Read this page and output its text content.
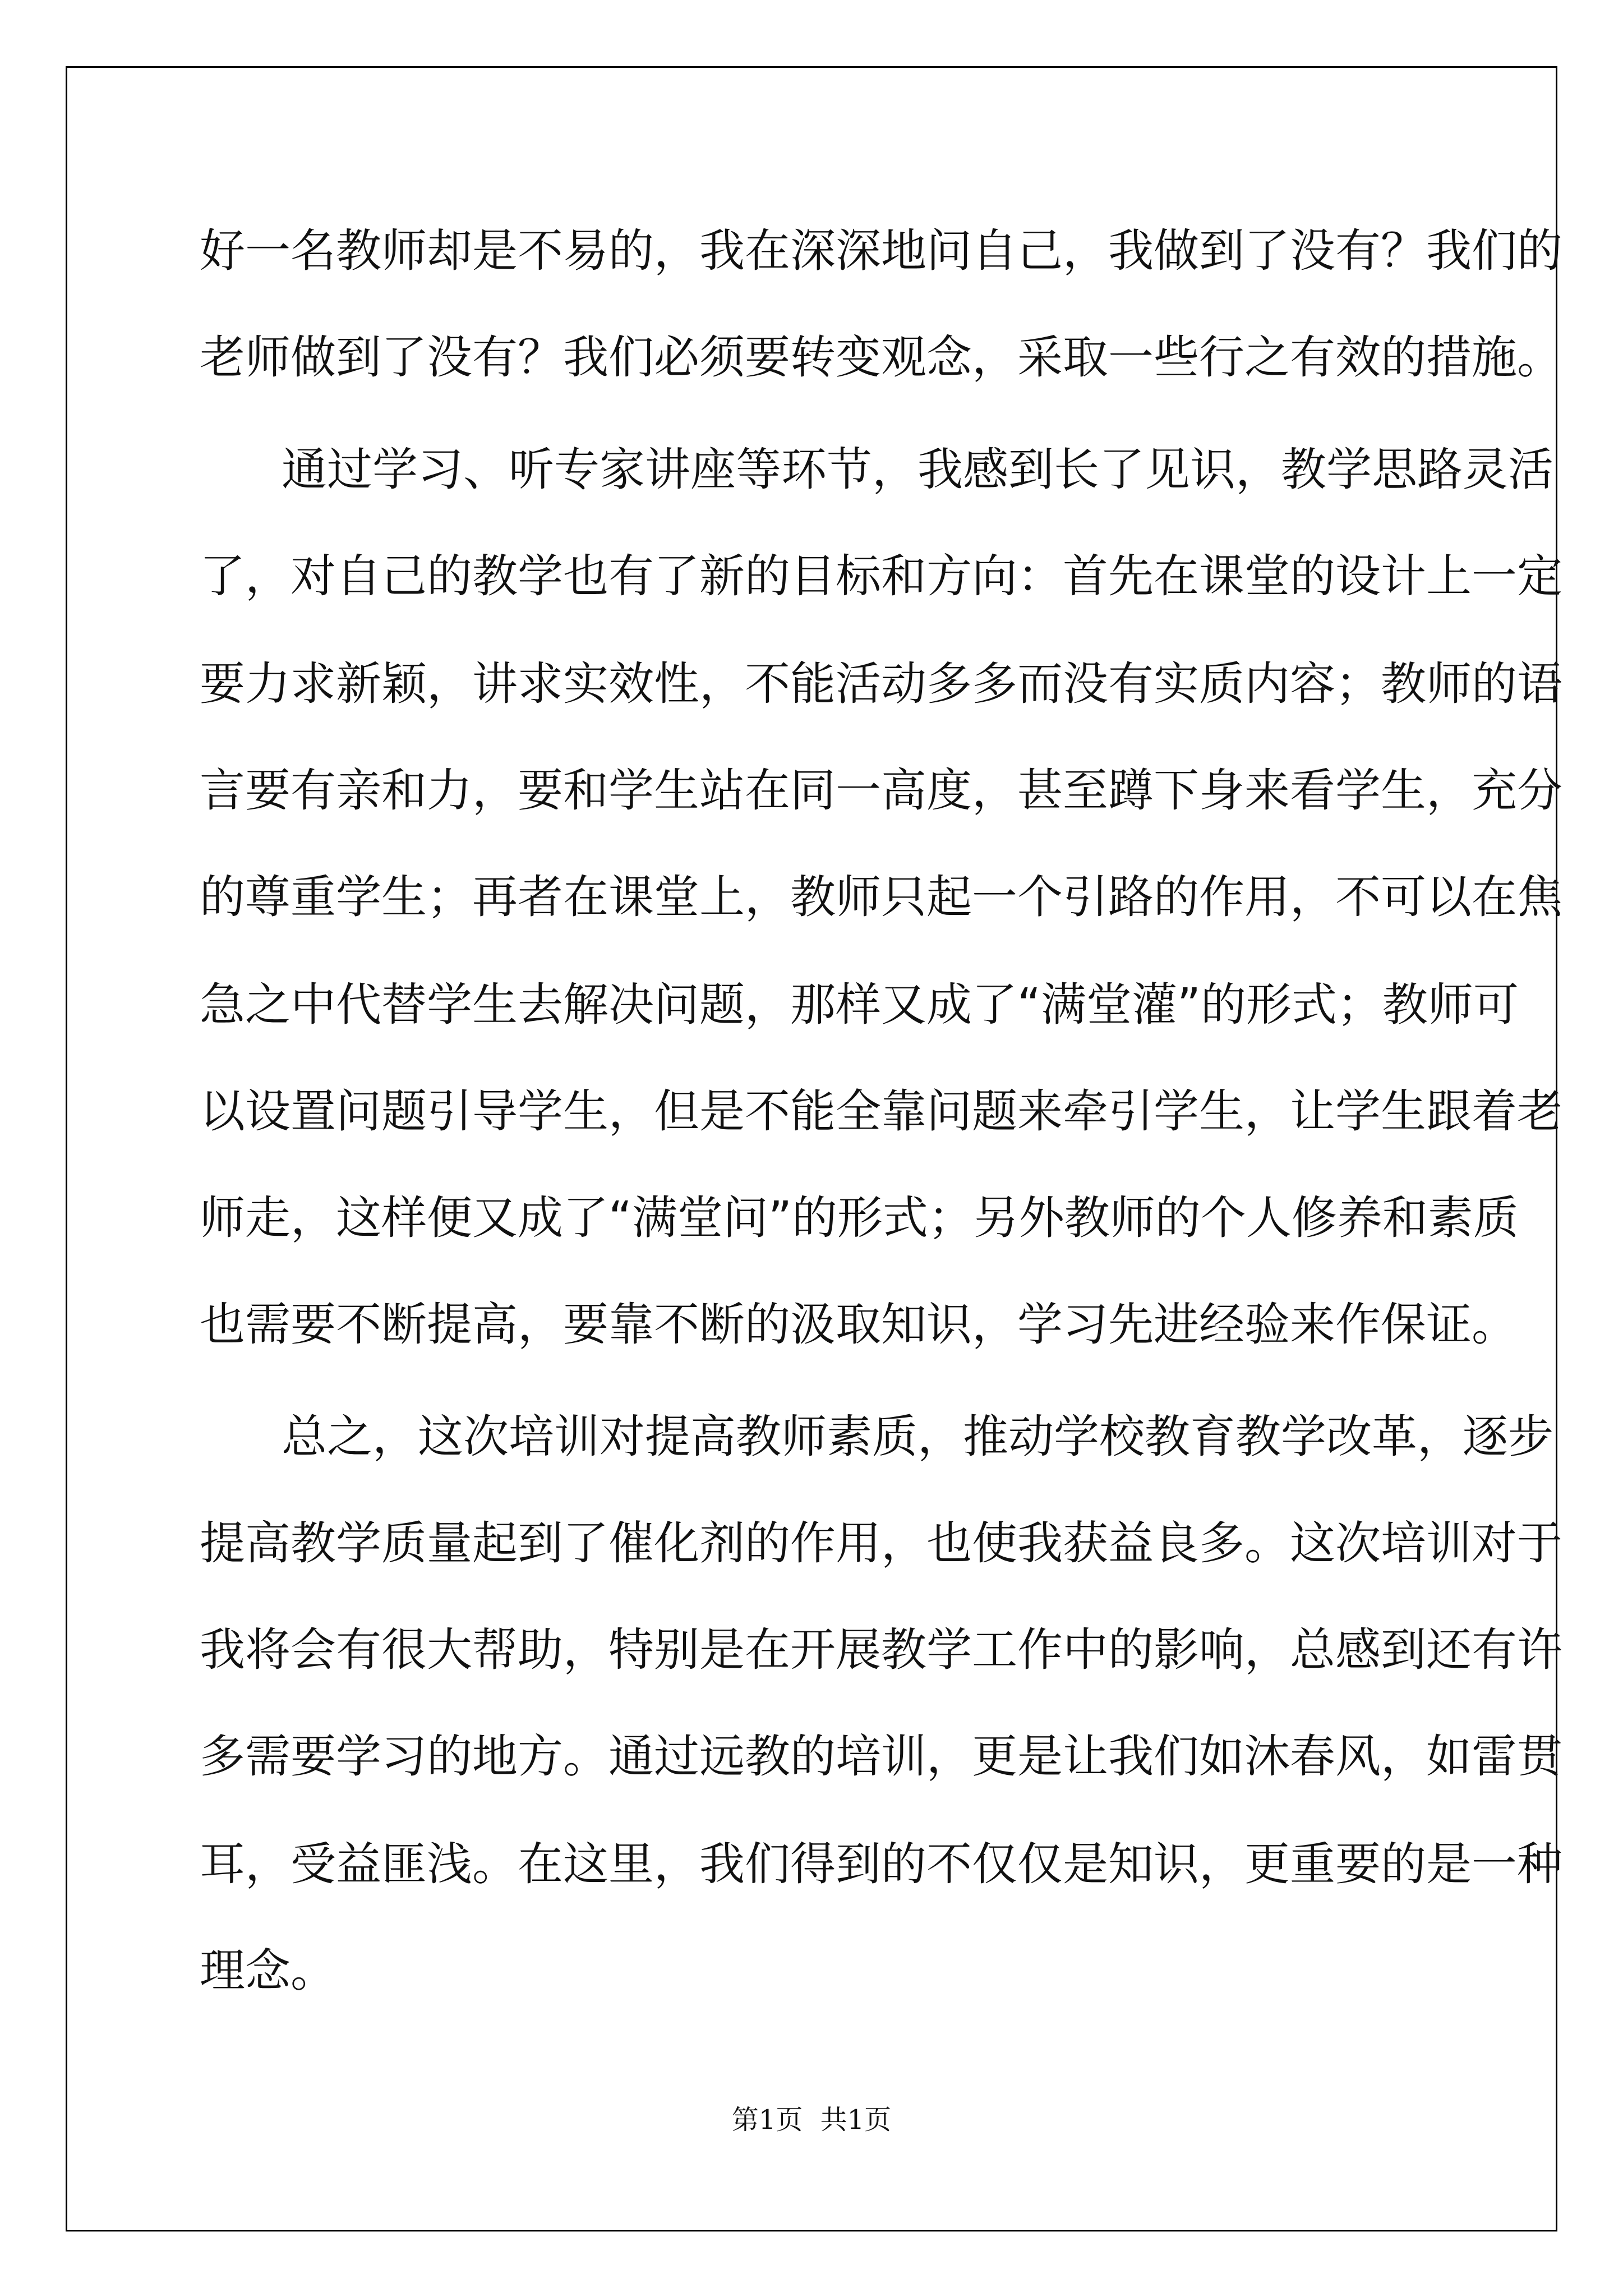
好一名教师却是不易的，我在深深地问自己，我做到了没有？我们的
老师做到了没有？我们必须要转变观念，采取一些行之有效的措施。
通过学习、听专家讲座等环节，我感到长了见识，教学思路灵活
了，对自己的教学也有了新的目标和方向：首先在课堂的设计上一定
要力求新颖，讲求实效性，不能活动多多而没有实质内容；教师的语
言要有亲和力，要和学生站在同一高度，甚至蹲下身来看学生，充分
的尊重学生；再者在课堂上，教师只起一个引路的作用，不可以在焦
急之中代替学生去解决问题，那样又成了“满堂灌”的形式；教师可
以设置问题引导学生，但是不能全靠问题来牵引学生，让学生跟着老
师走，这样便又成了“满堂问”的形式；另外教师的个人修养和素质
也需要不断提高，要靠不断的汲取知识，学习先进经验来作保证。
总之，这次培训对提高教师素质，推动学校教育教学改革，逐步
提高教学质量起到了催化剂的作用，也使我获益良多。这次培训对于
我将会有很大帮助，特别是在开展教学工作中的影响，总感到还有许
多需要学习的地方。通过远教的培训，更是让我们如沐春风，如雷贯
耳，受益匪浅。在这里，我们得到的不仅仅是知识，更重要的是一种
理念。
第1页 共1页
